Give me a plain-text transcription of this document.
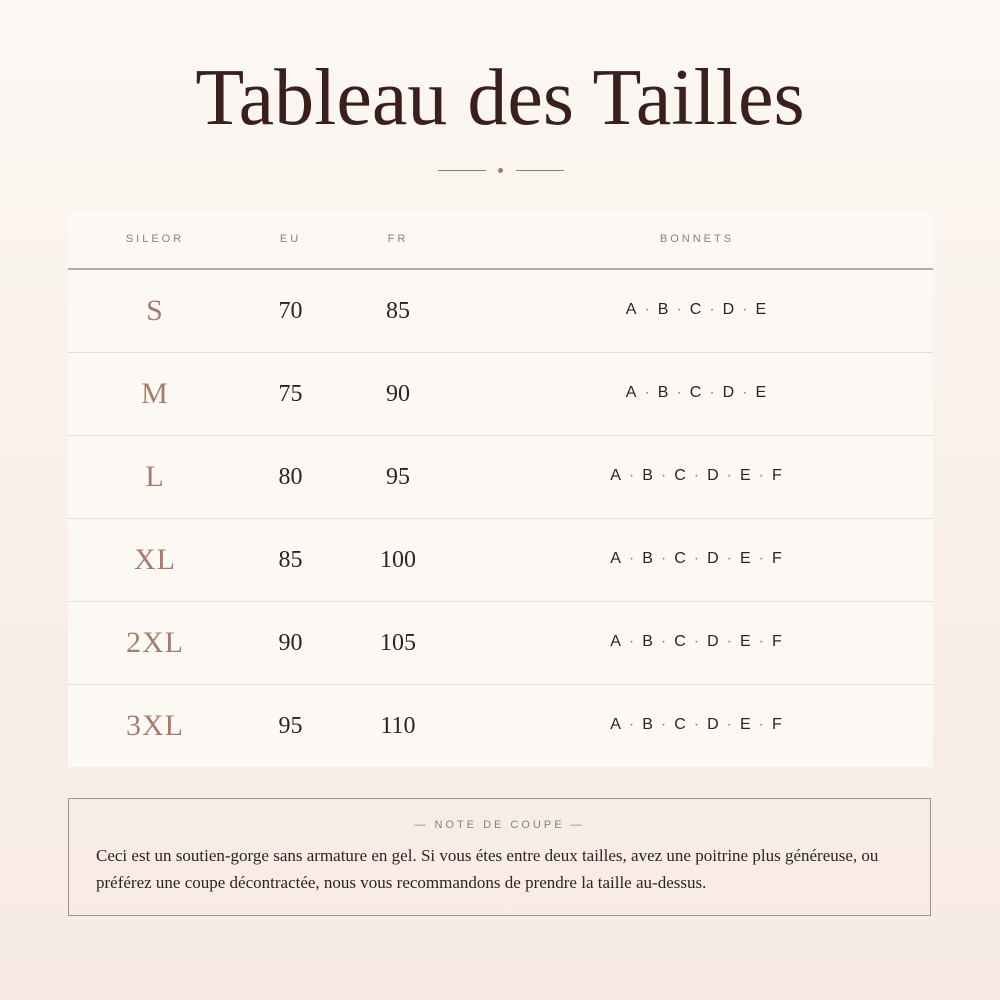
Tableau des Tailles
SILEOR	EU	FR	BONNETS
S	70	85	A · B · C · D · E
M	75	90	A · B · C · D · E
L	80	95	A · B · C · D · E · F
XL	85	100	A · B · C · D · E · F
2XL	90	105	A · B · C · D · E · F
3XL	95	110	A · B · C · D · E · F
— NOTE DE COUPE —
Ceci est un soutien-gorge sans armature en gel. Si vous étes entre deux tailles, avez une poitrine plus généreuse, ou préférez une coupe décontractée, nous vous recommandons de prendre la taille au-dessus.
